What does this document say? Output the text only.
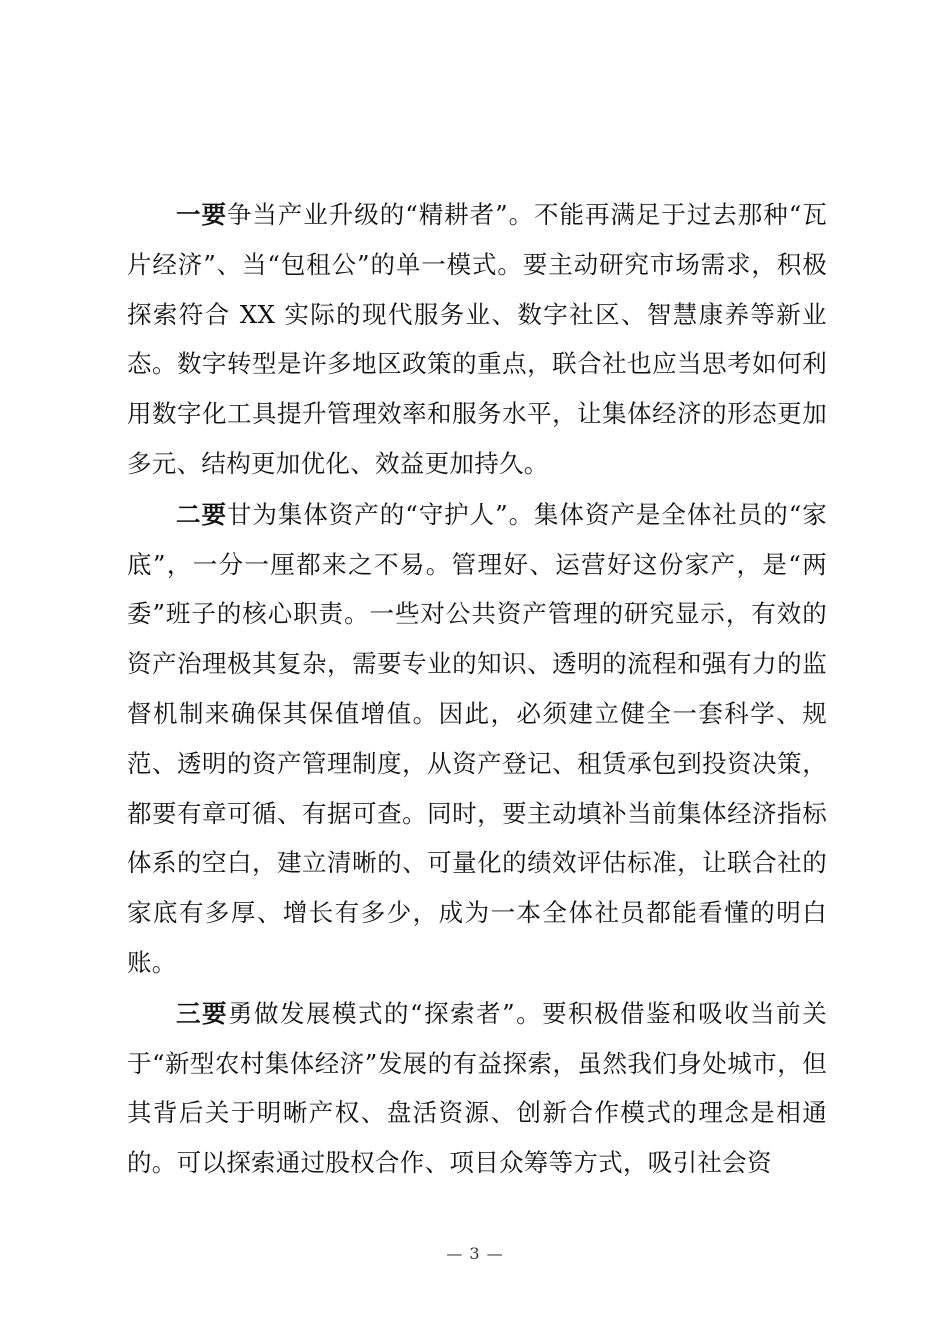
一要争当产业升级的“精耕者”。不能再满足于过去那种“瓦片经济”、当“包租公”的单一模式。要主动研究市场需求，积极探索符合 XX 实际的现代服务业、数字社区、智慧康养等新业态。数字转型是许多地区政策的重点，联合社也应当思考如何利用数字化工具提升管理效率和服务水平，让集体经济的形态更加多元、结构更加优化、效益更加持久。

二要甘为集体资产的“守护人”。集体资产是全体社员的“家底”，一分一厘都来之不易。管理好、运营好这份家产，是“两委”班子的核心职责。一些对公共资产管理的研究显示，有效的资产治理极其复杂，需要专业的知识、透明的流程和强有力的监督机制来确保其保值增值。因此，必须建立健全一套科学、规范、透明的资产管理制度，从资产登记、租赁承包到投资决策，都要有章可循、有据可查。同时，要主动填补当前集体经济指标体系的空白，建立清晰的、可量化的绩效评估标准，让联合社的家底有多厚、增长有多少，成为一本全体社员都能看懂的明白账。

三要勇做发展模式的“探索者”。要积极借鉴和吸收当前关于“新型农村集体经济”发展的有益探索，虽然我们身处城市，但其背后关于明晰产权、盘活资源、创新合作模式的理念是相通的。可以探索通过股权合作、项目众筹等方式，吸引社会资

— 3 —
